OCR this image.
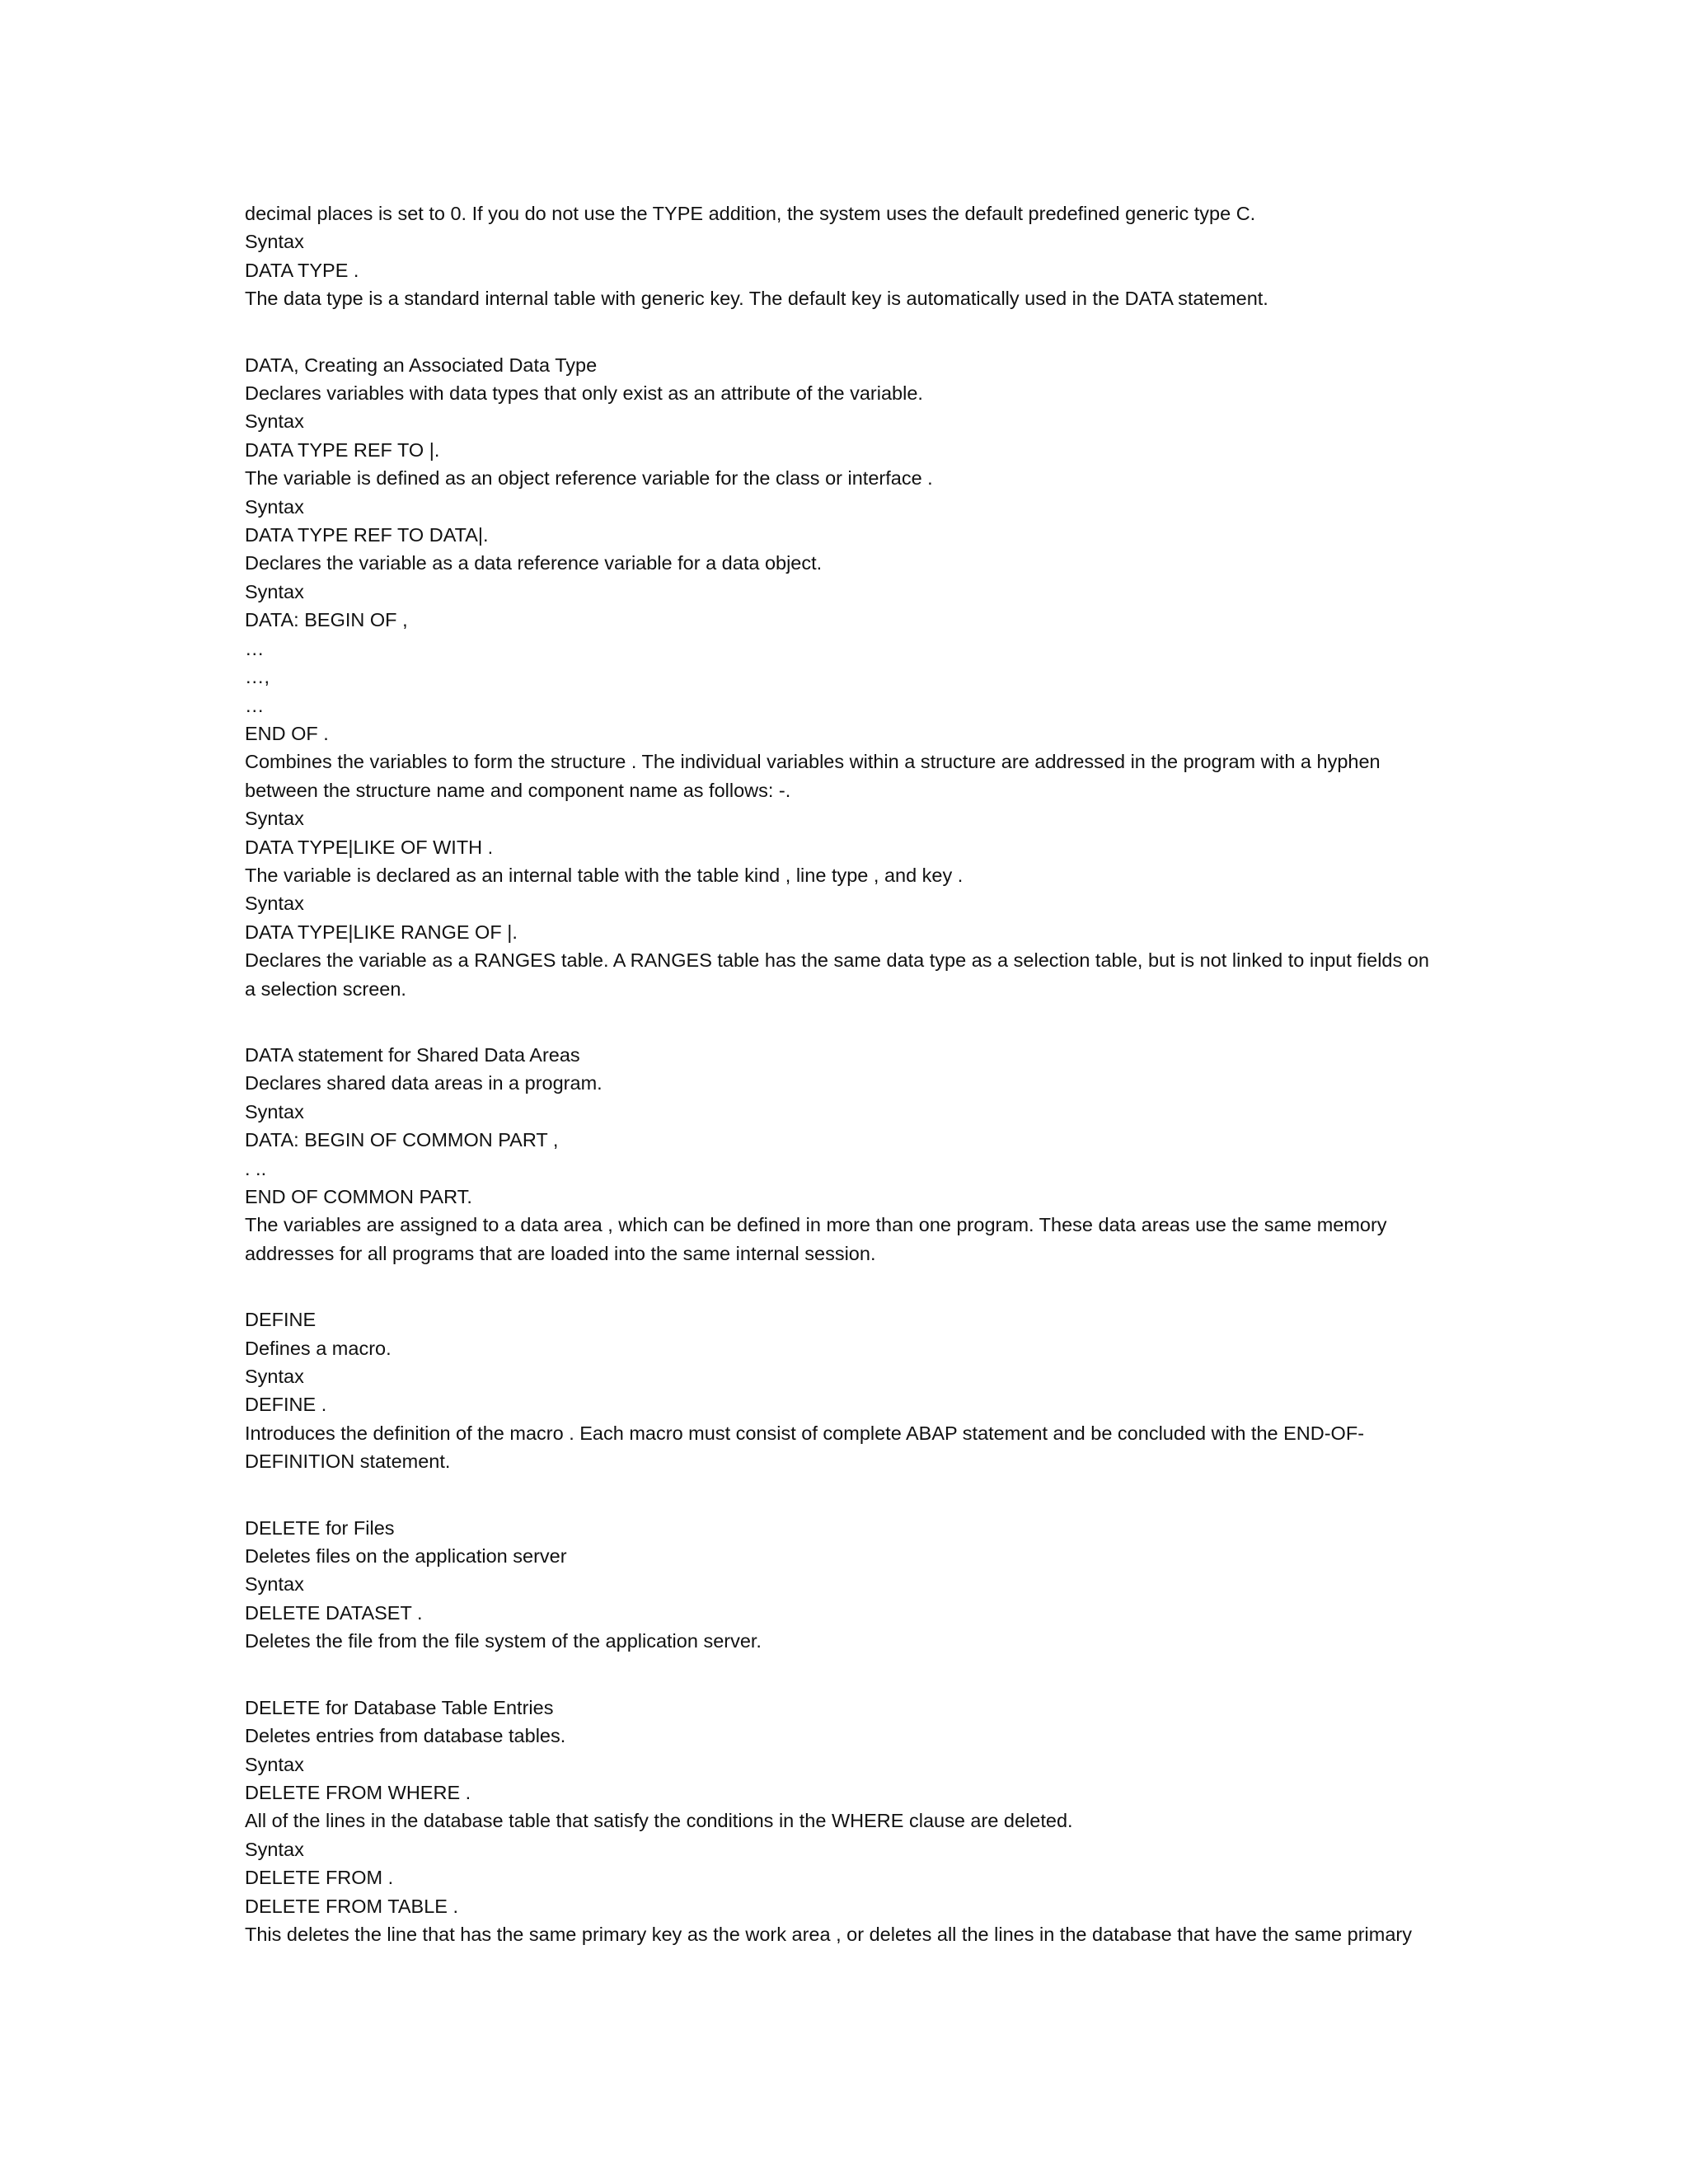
decimal places is set to 0. If you do not use the TYPE addition, the system uses the default predefined generic type C.
Syntax
DATA TYPE .
The data type is a standard internal table with generic key. The default key is automatically used in the DATA statement.
DATA, Creating an Associated Data Type
Declares variables with data types that only exist as an attribute of the variable.
Syntax
DATA TYPE REF TO |.
The variable is defined as an object reference variable for the class or interface .
Syntax
DATA TYPE REF TO DATA|.
Declares the variable as a data reference variable for a data object.
Syntax
DATA: BEGIN OF ,
…
…,
…
END OF .
Combines the variables to form the structure . The individual variables within a structure are addressed in the program with a hyphen between the structure name and component name as follows: -.
Syntax
DATA TYPE|LIKE OF WITH .
The variable is declared as an internal table with the table kind , line type , and key .
Syntax
DATA TYPE|LIKE RANGE OF |.
Declares the variable as a RANGES table. A RANGES table has the same data type as a selection table, but is not linked to input fields on a selection screen.
DATA statement for Shared Data Areas
Declares shared data areas in a program.
Syntax
DATA: BEGIN OF COMMON PART ,
. ..
END OF COMMON PART.
The variables are assigned to a data area , which can be defined in more than one program. These data areas use the same memory addresses for all programs that are loaded into the same internal session.
DEFINE
Defines a macro.
Syntax
DEFINE .
Introduces the definition of the macro . Each macro must consist of complete ABAP statement and be concluded with the END-OF-DEFINITION statement.
DELETE for Files
Deletes files on the application server
Syntax
DELETE DATASET .
Deletes the file from the file system of the application server.
DELETE for Database Table Entries
Deletes entries from database tables.
Syntax
DELETE FROM WHERE .
All of the lines in the database table that satisfy the conditions in the WHERE clause are deleted.
Syntax
DELETE FROM .
DELETE FROM TABLE .
This deletes the line that has the same primary key as the work area , or deletes all the lines in the database that have the same primary
